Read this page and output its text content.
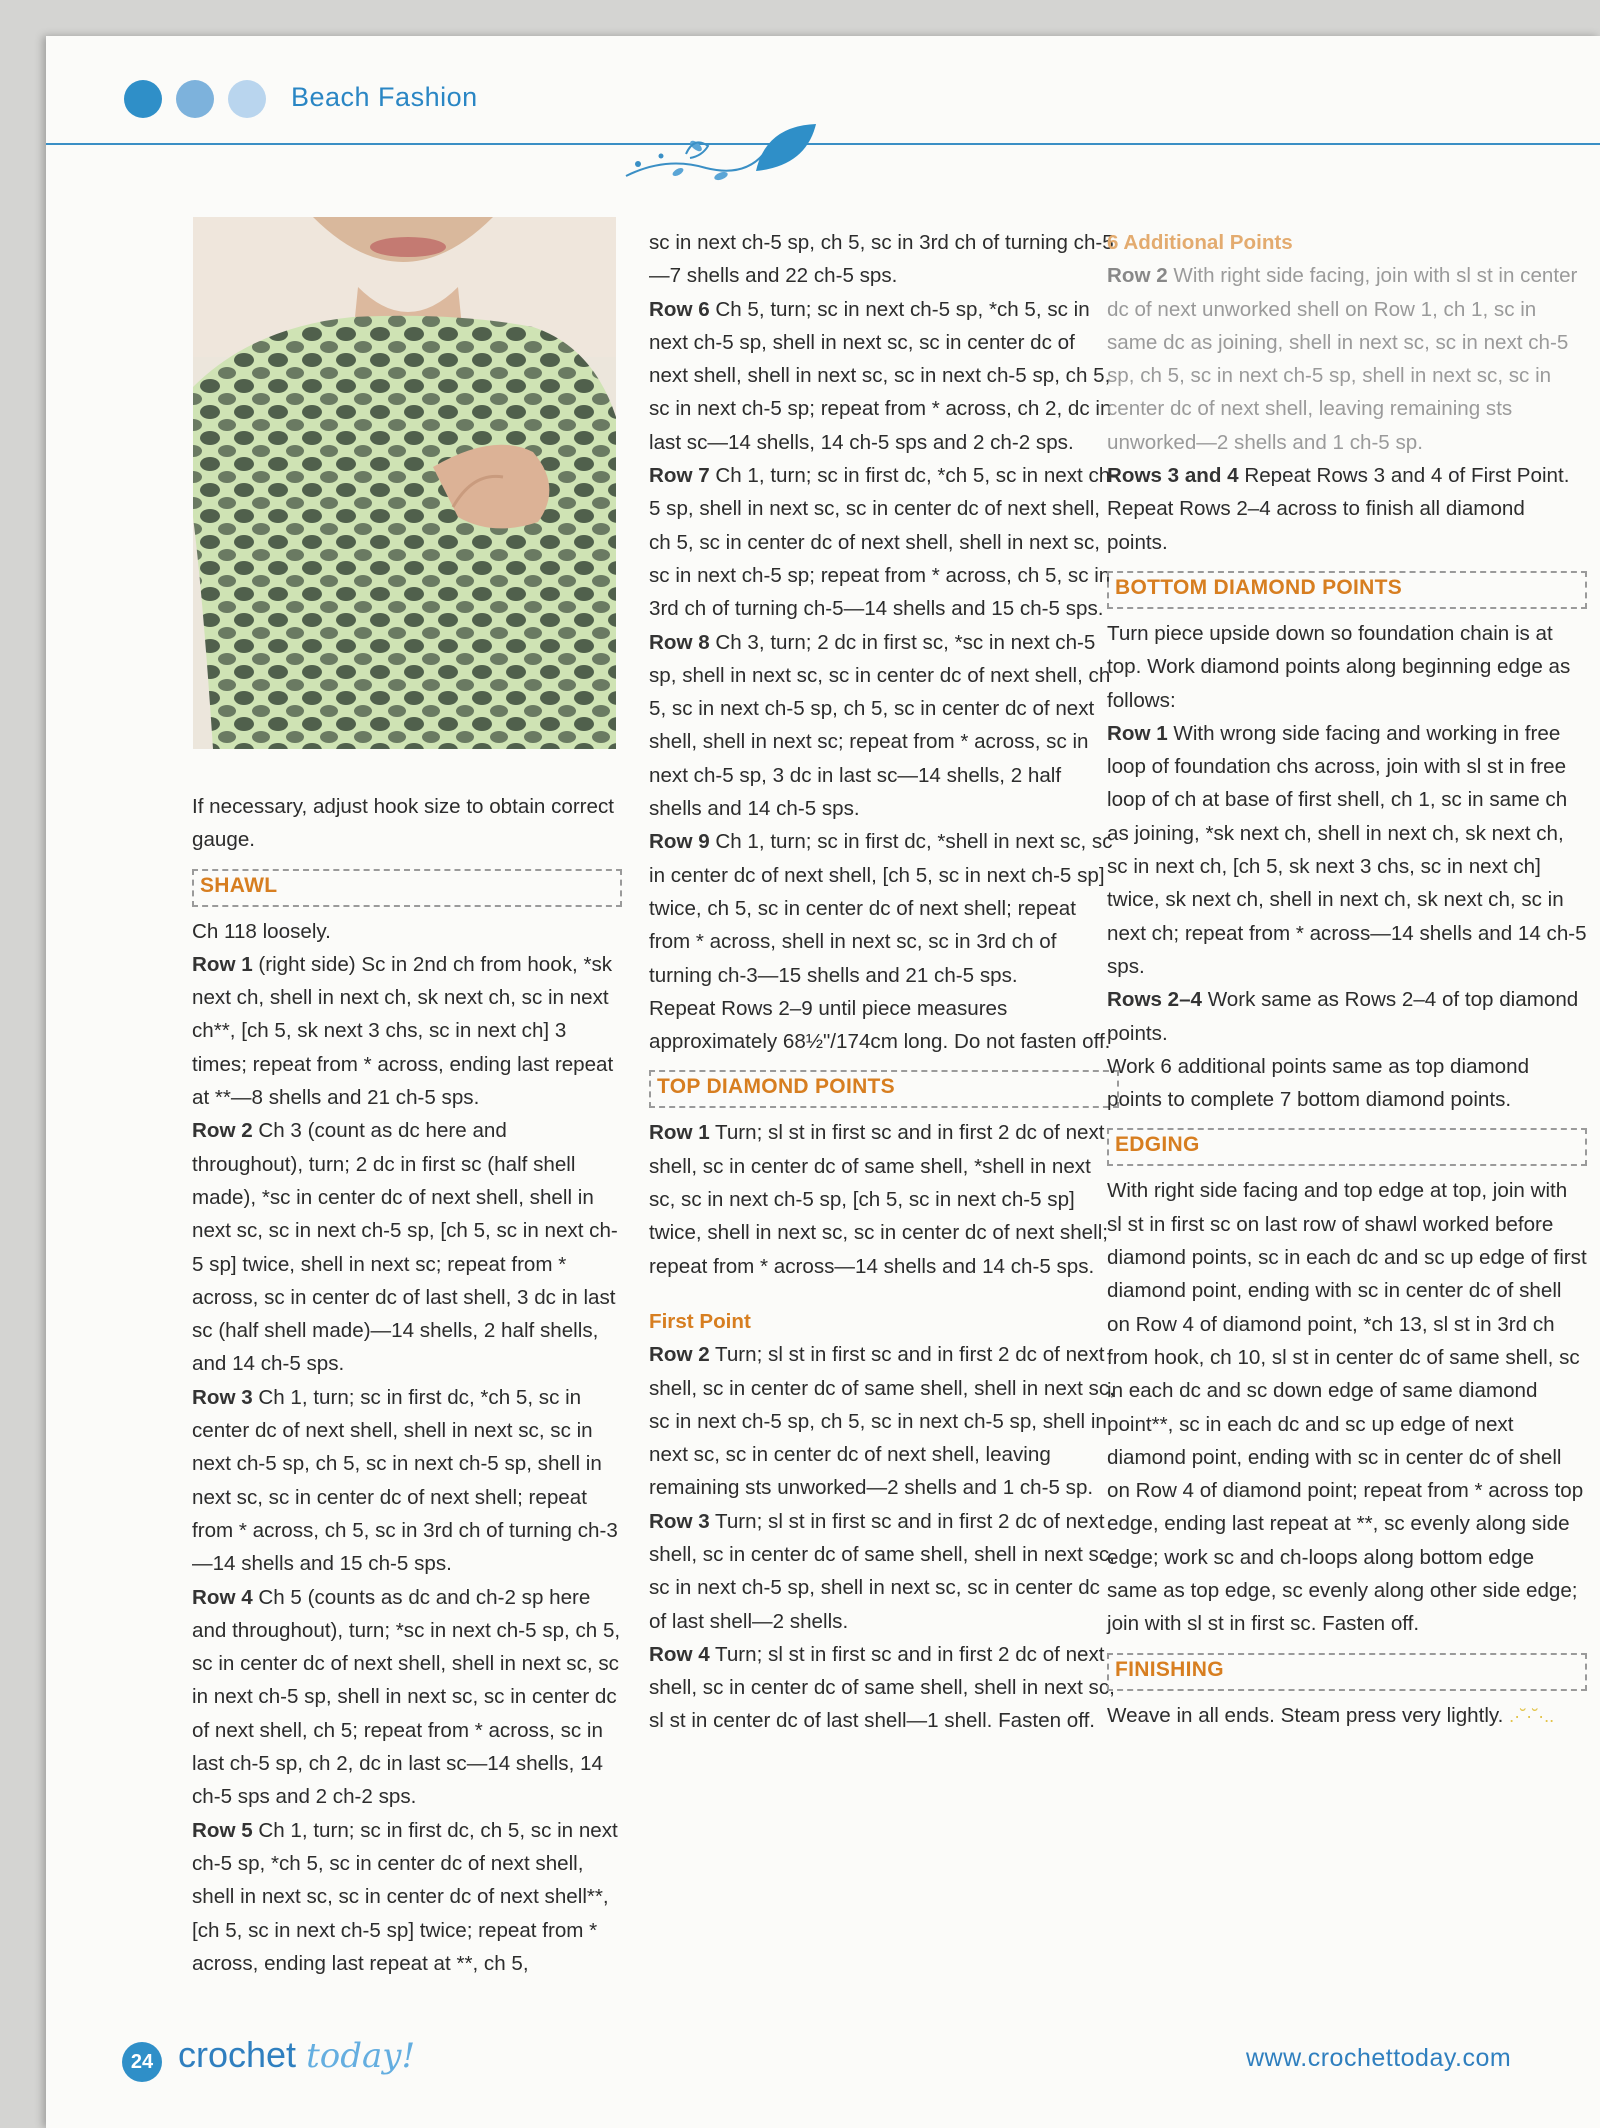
Beach Fashion

If necessary, adjust hook size to obtain correct gauge.

SHAWL

Ch 118 loosely.

Row 1 (right side) Sc in 2nd ch from hook, *sk next ch, shell in next ch, sk next ch, sc in next ch**, [ch 5, sk next 3 chs, sc in next ch] 3 times; repeat from * across, ending last repeat at **—8 shells and 21 ch-5 sps.

Row 2 Ch 3 (count as dc here and throughout), turn; 2 dc in first sc (half shell made), *sc in center dc of next shell, shell in next sc, sc in next ch-5 sp, [ch 5, sc in next ch-5 sp] twice, shell in next sc; repeat from * across, sc in center dc of last shell, 3 dc in last sc (half shell made)—14 shells, 2 half shells, and 14 ch-5 sps.

Row 3 Ch 1, turn; sc in first dc, *ch 5, sc in center dc of next shell, shell in next sc, sc in next ch-5 sp, ch 5, sc in next ch-5 sp, shell in next sc, sc in center dc of next shell; repeat from * across, ch 5, sc in 3rd ch of turning ch-3—14 shells and 15 ch-5 sps.

Row 4 Ch 5 (counts as dc and ch-2 sp here and throughout), turn; *sc in next ch-5 sp, ch 5, sc in center dc of next shell, shell in next sc, sc in next ch-5 sp, shell in next sc, sc in center dc of next shell, ch 5; repeat from * across, sc in last ch-5 sp, ch 2, dc in last sc—14 shells, 14 ch-5 sps and 2 ch-2 sps.

Row 5 Ch 1, turn; sc in first dc, ch 5, sc in next ch-5 sp, *ch 5, sc in center dc of next shell, shell in next sc, sc in center dc of next shell**, [ch 5, sc in next ch-5 sp] twice; repeat from * across, ending last repeat at **, ch 5,

sc in next ch-5 sp, ch 5, sc in 3rd ch of turning ch-5—7 shells and 22 ch-5 sps.

Row 6 Ch 5, turn; sc in next ch-5 sp, *ch 5, sc in next ch-5 sp, shell in next sc, sc in center dc of next shell, shell in next sc, sc in next ch-5 sp, ch 5, sc in next ch-5 sp; repeat from * across, ch 2, dc in last sc—14 shells, 14 ch-5 sps and 2 ch-2 sps.

Row 7 Ch 1, turn; sc in first dc, *ch 5, sc in next ch-5 sp, shell in next sc, sc in center dc of next shell, ch 5, sc in center dc of next shell, shell in next sc, sc in next ch-5 sp; repeat from * across, ch 5, sc in 3rd ch of turning ch-5—14 shells and 15 ch-5 sps.

Row 8 Ch 3, turn; 2 dc in first sc, *sc in next ch-5 sp, shell in next sc, sc in center dc of next shell, ch 5, sc in next ch-5 sp, ch 5, sc in center dc of next shell, shell in next sc; repeat from * across, sc in next ch-5 sp, 3 dc in last sc—14 shells, 2 half shells and 14 ch-5 sps.

Row 9 Ch 1, turn; sc in first dc, *shell in next sc, sc in center dc of next shell, [ch 5, sc in next ch-5 sp] twice, ch 5, sc in center dc of next shell; repeat from * across, shell in next sc, sc in 3rd ch of turning ch-3—15 shells and 21 ch-5 sps.

Repeat Rows 2–9 until piece measures approximately 68½"/174cm long. Do not fasten off.

TOP DIAMOND POINTS

Row 1 Turn; sl st in first sc and in first 2 dc of next shell, sc in center dc of same shell, *shell in next sc, sc in next ch-5 sp, [ch 5, sc in next ch-5 sp] twice, shell in next sc, sc in center dc of next shell; repeat from * across—14 shells and 14 ch-5 sps.

First Point

Row 2 Turn; sl st in first sc and in first 2 dc of next shell, sc in center dc of same shell, shell in next sc, sc in next ch-5 sp, ch 5, sc in next ch-5 sp, shell in next sc, sc in center dc of next shell, leaving remaining sts unworked—2 shells and 1 ch-5 sp.

Row 3 Turn; sl st in first sc and in first 2 dc of next shell, sc in center dc of same shell, shell in next sc, sc in next ch-5 sp, shell in next sc, sc in center dc of last shell—2 shells.

Row 4 Turn; sl st in first sc and in first 2 dc of next shell, sc in center dc of same shell, shell in next sc, sl st in center dc of last shell—1 shell. Fasten off.

6 Additional Points

Row 2 With right side facing, join with sl st in center dc of next unworked shell on Row 1, ch 1, sc in same dc as joining, shell in next sc, sc in next ch-5 sp, ch 5, sc in next ch-5 sp, shell in next sc, sc in center dc of next shell, leaving remaining sts unworked—2 shells and 1 ch-5 sp.

Rows 3 and 4 Repeat Rows 3 and 4 of First Point.

Repeat Rows 2–4 across to finish all diamond points.

BOTTOM DIAMOND POINTS

Turn piece upside down so foundation chain is at top. Work diamond points along beginning edge as follows:

Row 1 With wrong side facing and working in free loop of foundation chs across, join with sl st in free loop of ch at base of first shell, ch 1, sc in same ch as joining, *sk next ch, shell in next ch, sk next ch, sc in next ch, [ch 5, sk next 3 chs, sc in next ch] twice, sk next ch, shell in next ch, sk next ch, sc in next ch; repeat from * across—14 shells and 14 ch-5 sps.

Rows 2–4 Work same as Rows 2–4 of top diamond points.

Work 6 additional points same as top diamond points to complete 7 bottom diamond points.

EDGING

With right side facing and top edge at top, join with sl st in first sc on last row of shawl worked before diamond points, sc in each dc and sc up edge of first diamond point, ending with sc in center dc of shell on Row 4 of diamond point, *ch 13, sl st in 3rd ch from hook, ch 10, sl st in center dc of same shell, sc in each dc and sc down edge of same diamond point**, sc in each dc and sc up edge of next diamond point, ending with sc in center dc of shell on Row 4 of diamond point; repeat from * across top edge, ending last repeat at **, sc evenly along side edge; work sc and ch-loops along bottom edge same as top edge, sc evenly along other side edge; join with sl st in first sc. Fasten off.

FINISHING

Weave in all ends. Steam press very lightly. .·˘·˘·..

24 crochet today!	www.crochettoday.com
